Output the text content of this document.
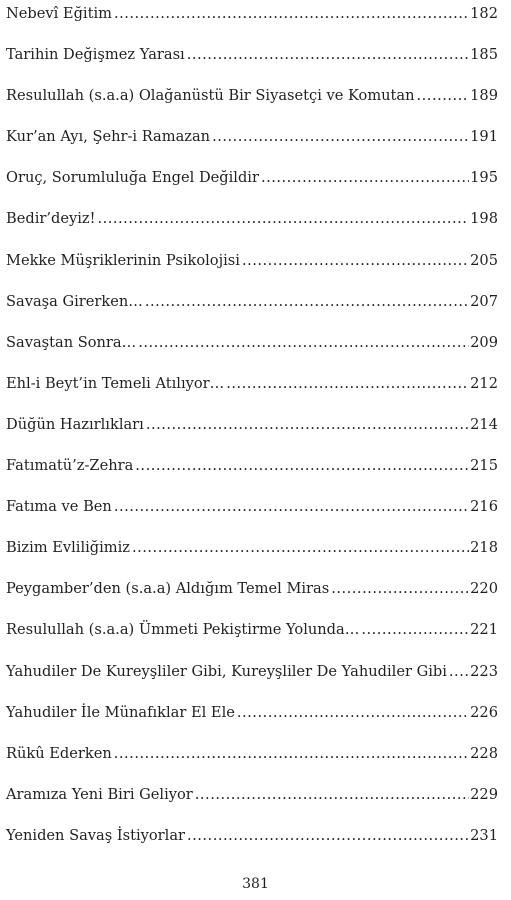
Nebevî Eğitim .....	182
Tarihin Değişmez Yarası .....	185
Resulullah (s.a.a) Olağanüstü Bir Siyasetçi ve Komutan .....	189
Kur’an Ayı, Şehr-i Ramazan .....	191
Oruç, Sorumluluğa Engel Değildir .....	195
Bedir’deyiz! .....	198
Mekke Müşriklerinin Psikolojisi .....	205
Savaşa Girerken… .....	207
Savaştan Sonra… .....	209
Ehl-i Beyt’in Temeli Atılıyor… .....	212
Düğün Hazırlıkları .....	214
Fatımatü’z-Zehra .....	215
Fatıma ve Ben .....	216
Bizim Evliliğimiz .....	218
Peygamber’den (s.a.a) Aldığım Temel Miras .....	220
Resulullah (s.a.a) Ümmeti Pekiştirme Yolunda… .....	221
Yahudiler De Kureyşliler Gibi, Kureyşliler De Yahudiler Gibi ..... 223
Yahudiler İle Münafıklar El Ele .....	226
Rükû Ederken .....	228
Aramıza Yeni Biri Geliyor .....	229
Yeniden Savaş İstiyorlar .....	231
381
